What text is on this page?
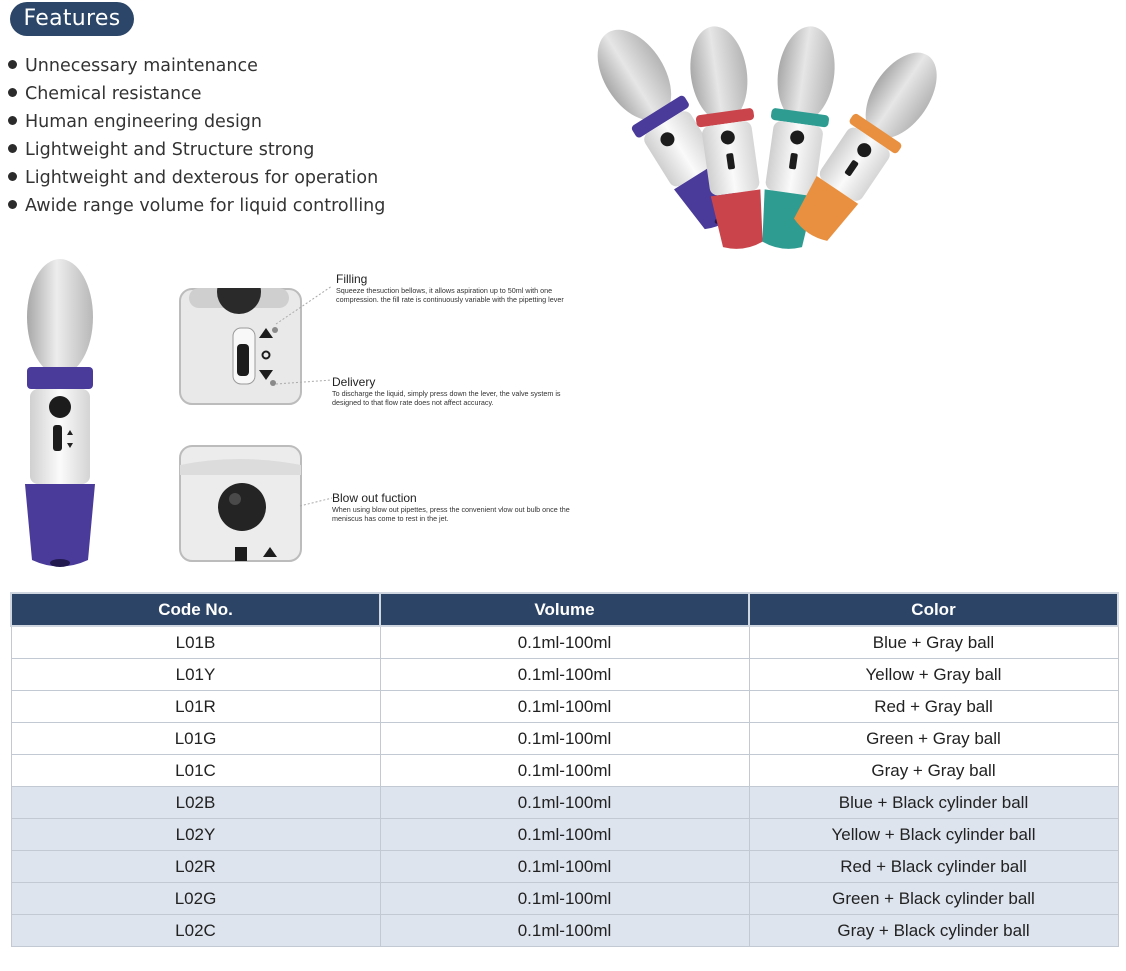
Features
Unnecessary maintenance
Chemical resistance
Human engineering design
Lightweight and Structure strong
Lightweight and dexterous for operation
Awide range volume for liquid controlling
Filling
Squeeze thesuction bellows, it allows aspiration up to 50ml with one compression. the fill rate is continuously variable with the pipetting lever
Delivery
To discharge the liquid, simply press down the lever, the valve system is designed to that flow rate does not affect accuracy.
Blow out fuction
When using blow out pipettes, press the convenient vlow out bulb once the meniscus has come to rest in the jet.
Code No.	Volume	Color
L01B	0.1ml-100ml	Blue + Gray ball
L01Y	0.1ml-100ml	Yellow + Gray ball
L01R	0.1ml-100ml	Red + Gray ball
L01G	0.1ml-100ml	Green + Gray ball
L01C	0.1ml-100ml	Gray + Gray ball
L02B	0.1ml-100ml	Blue + Black cylinder ball
L02Y	0.1ml-100ml	Yellow + Black cylinder ball
L02R	0.1ml-100ml	Red + Black cylinder ball
L02G	0.1ml-100ml	Green + Black cylinder ball
L02C	0.1ml-100ml	Gray + Black cylinder ball
